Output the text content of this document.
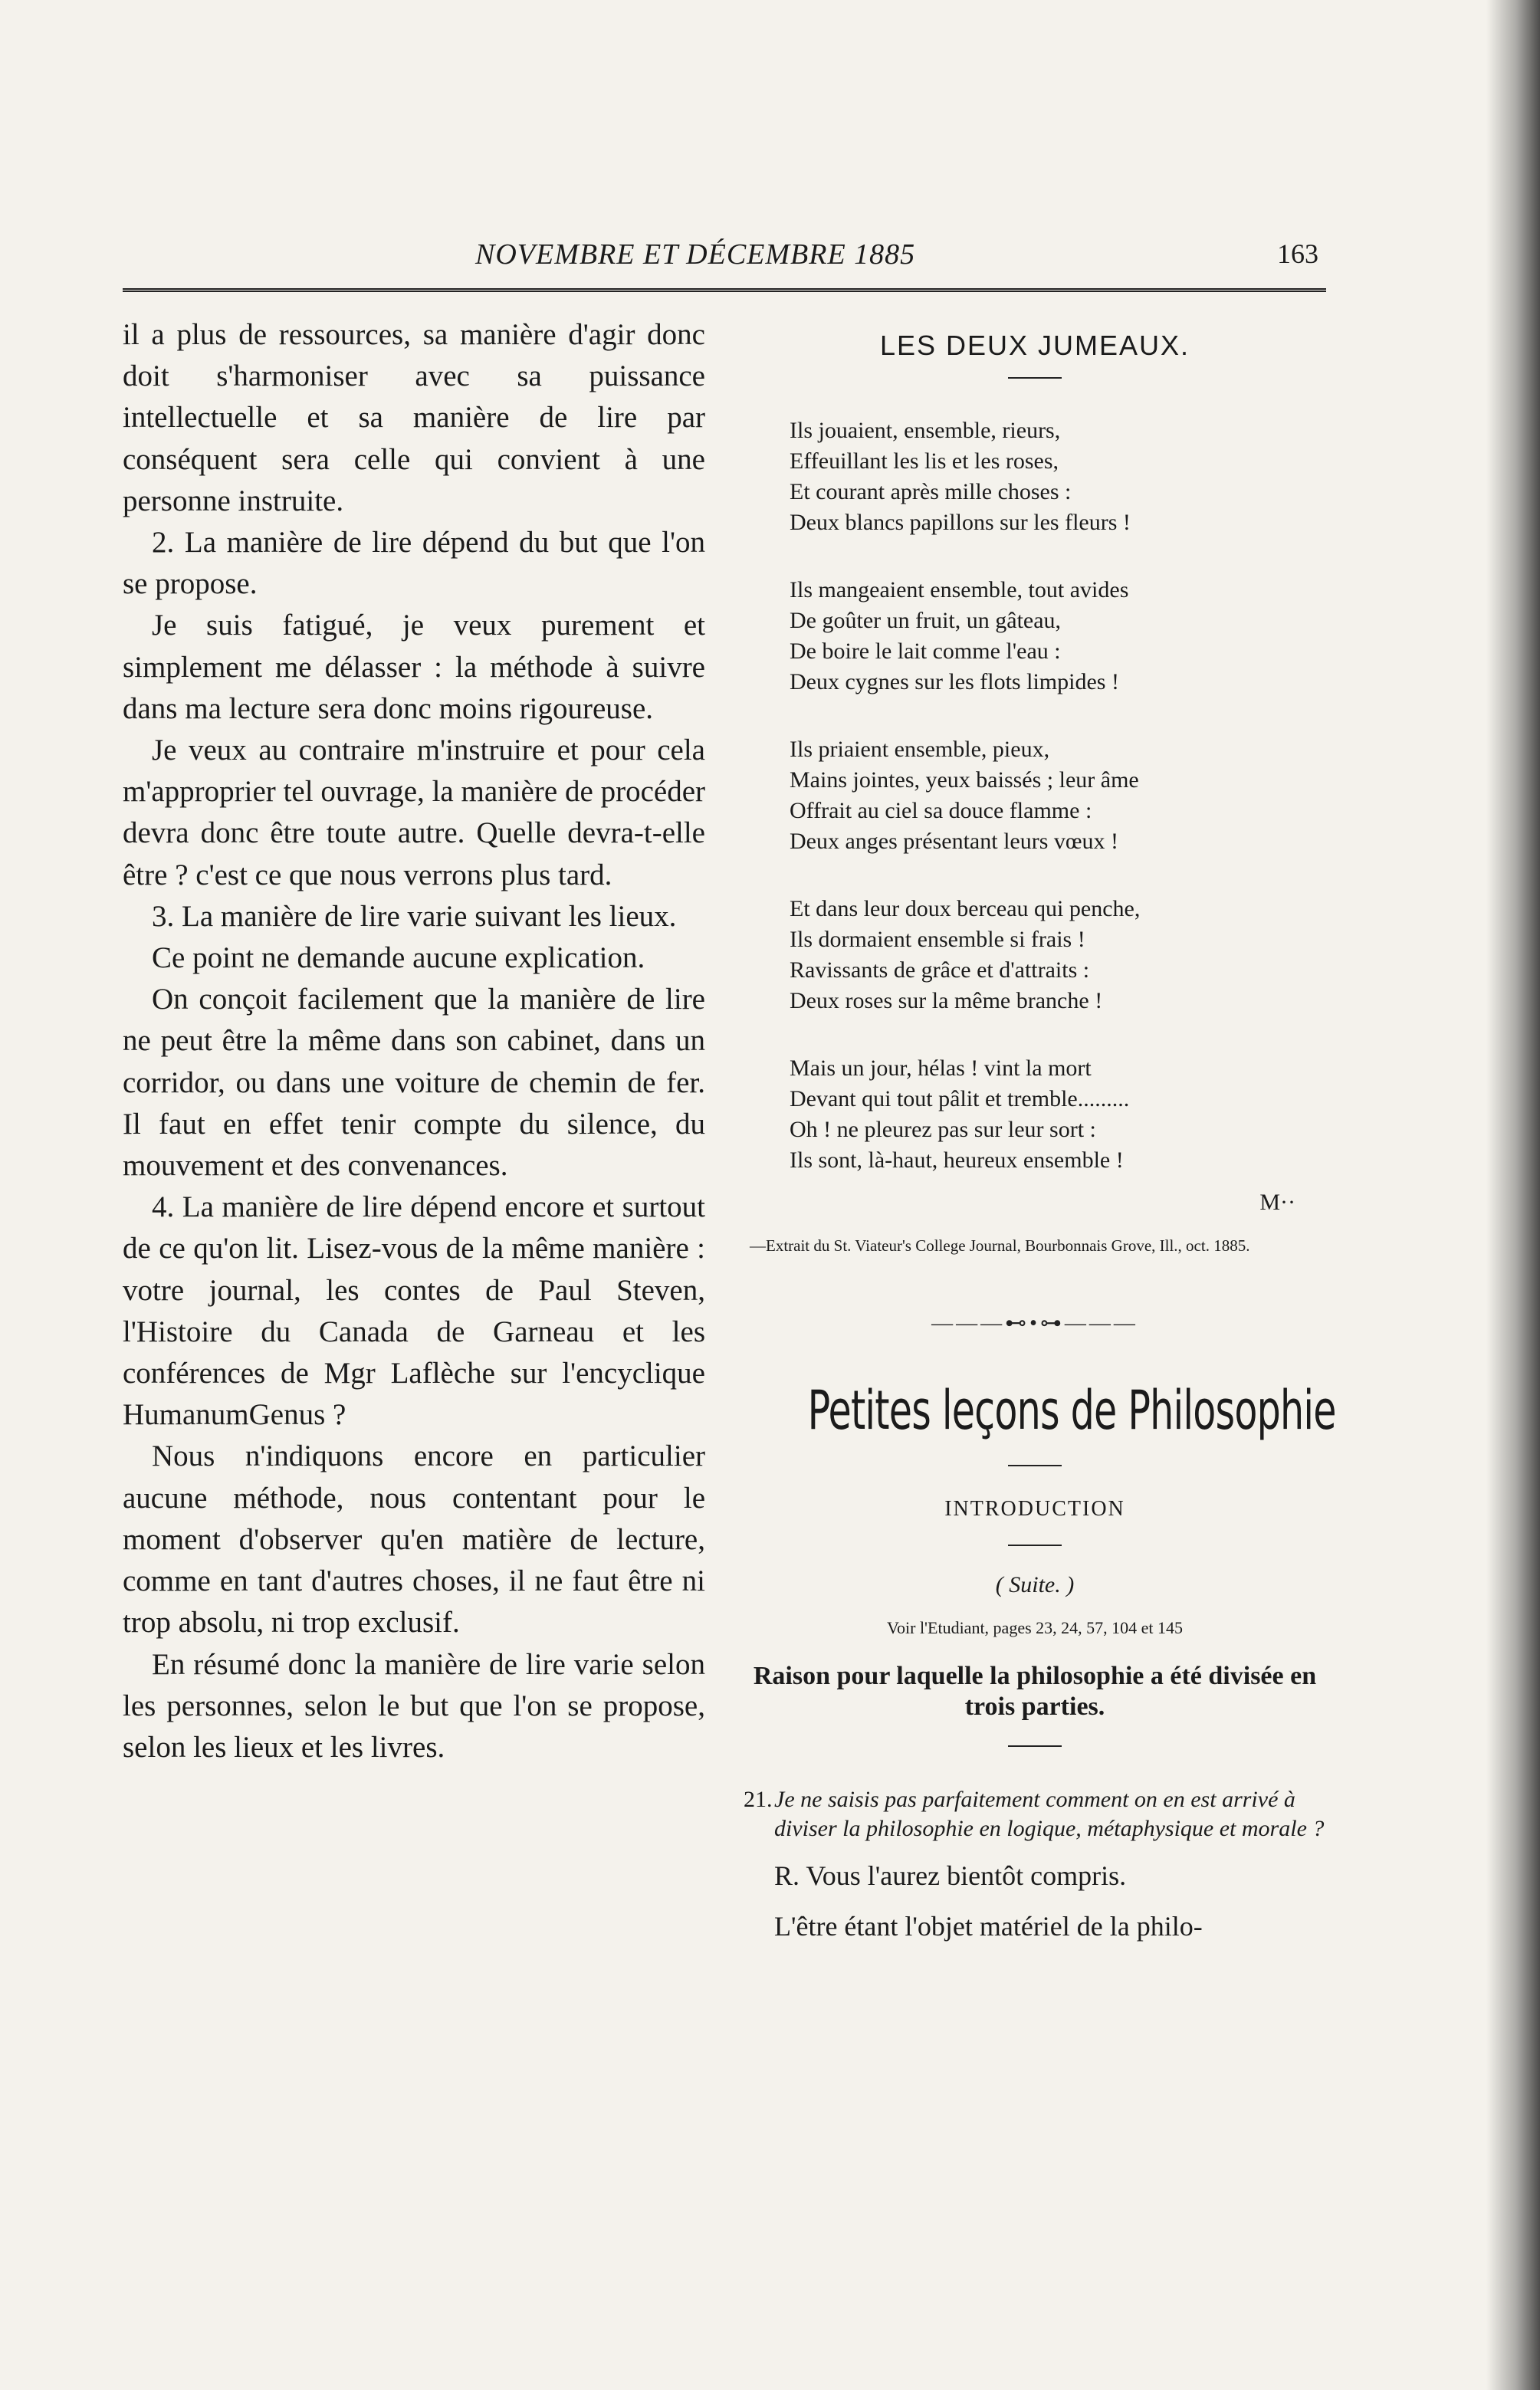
NOVEMBRE ET DÉCEMBRE 1885	163

il a plus de ressources, sa manière d'agir donc doit s'harmoniser avec sa puissance intellectuelle et sa manière de lire par conséquent sera celle qui convient à une personne instruite.

2. La manière de lire dépend du but que l'on se propose.

Je suis fatigué, je veux purement et simplement me délasser : la méthode à suivre dans ma lecture sera donc moins rigoureuse.

Je veux au contraire m'instruire et pour cela m'approprier tel ouvrage, la manière de procéder devra donc être toute autre. Quelle devra-t-elle être ? c'est ce que nous verrons plus tard.

3. La manière de lire varie suivant les lieux.

Ce point ne demande aucune explication.

On conçoit facilement que la manière de lire ne peut être la même dans son cabinet, dans un corridor, ou dans une voiture de chemin de fer. Il faut en effet tenir compte du silence, du mouvement et des convenances.

4. La manière de lire dépend encore et surtout de ce qu'on lit. Lisez-vous de la même manière : votre journal, les contes de Paul Steven, l'Histoire du Canada de Garneau et les conférences de Mgr Laflèche sur l'encyclique HumanumGenus ?

Nous n'indiquons encore en particulier aucune méthode, nous contentant pour le moment d'observer qu'en matière de lecture, comme en tant d'autres choses, il ne faut être ni trop absolu, ni trop exclusif.

En résumé donc la manière de lire varie selon les personnes, selon le but que l'on se propose, selon les lieux et les livres.

LES DEUX JUMEAUX.
Ils jouaient, ensemble, rieurs,
Effeuillant les lis et les roses,
Et courant après mille choses :
Deux blancs papillons sur les fleurs !
Ils mangeaient ensemble, tout avides
De goûter un fruit, un gâteau,
De boire le lait comme l'eau :
Deux cygnes sur les flots limpides !
Ils priaient ensemble, pieux,
Mains jointes, yeux baissés ; leur âme
Offrait au ciel sa douce flamme :
Deux anges présentant leurs vœux !
Et dans leur doux berceau qui penche,
Ils dormaient ensemble si frais !
Ravissants de grâce et d'attraits :
Deux roses sur la même branche !
Mais un jour, hélas ! vint la mort
Devant qui tout pâlit et tremble.........
Oh ! ne pleurez pas sur leur sort :
Ils sont, là-haut, heureux ensemble !
M··
—Extrait du St. Viateur's College Journal, Bourbonnais Grove, Ill., oct. 1885.
———⊷•⊶———
Petites leçons de Philosophie
INTRODUCTION
( Suite. )
Voir l'Etudiant, pages 23, 24, 57, 104 et 145
Raison pour laquelle la philosophie a été divisée en trois parties.
21. Je ne saisis pas parfaitement comment on en est arrivé à diviser la philosophie en logique, métaphysique et morale ?
R. Vous l'aurez bientôt compris.
L'être étant l'objet matériel de la philo-
